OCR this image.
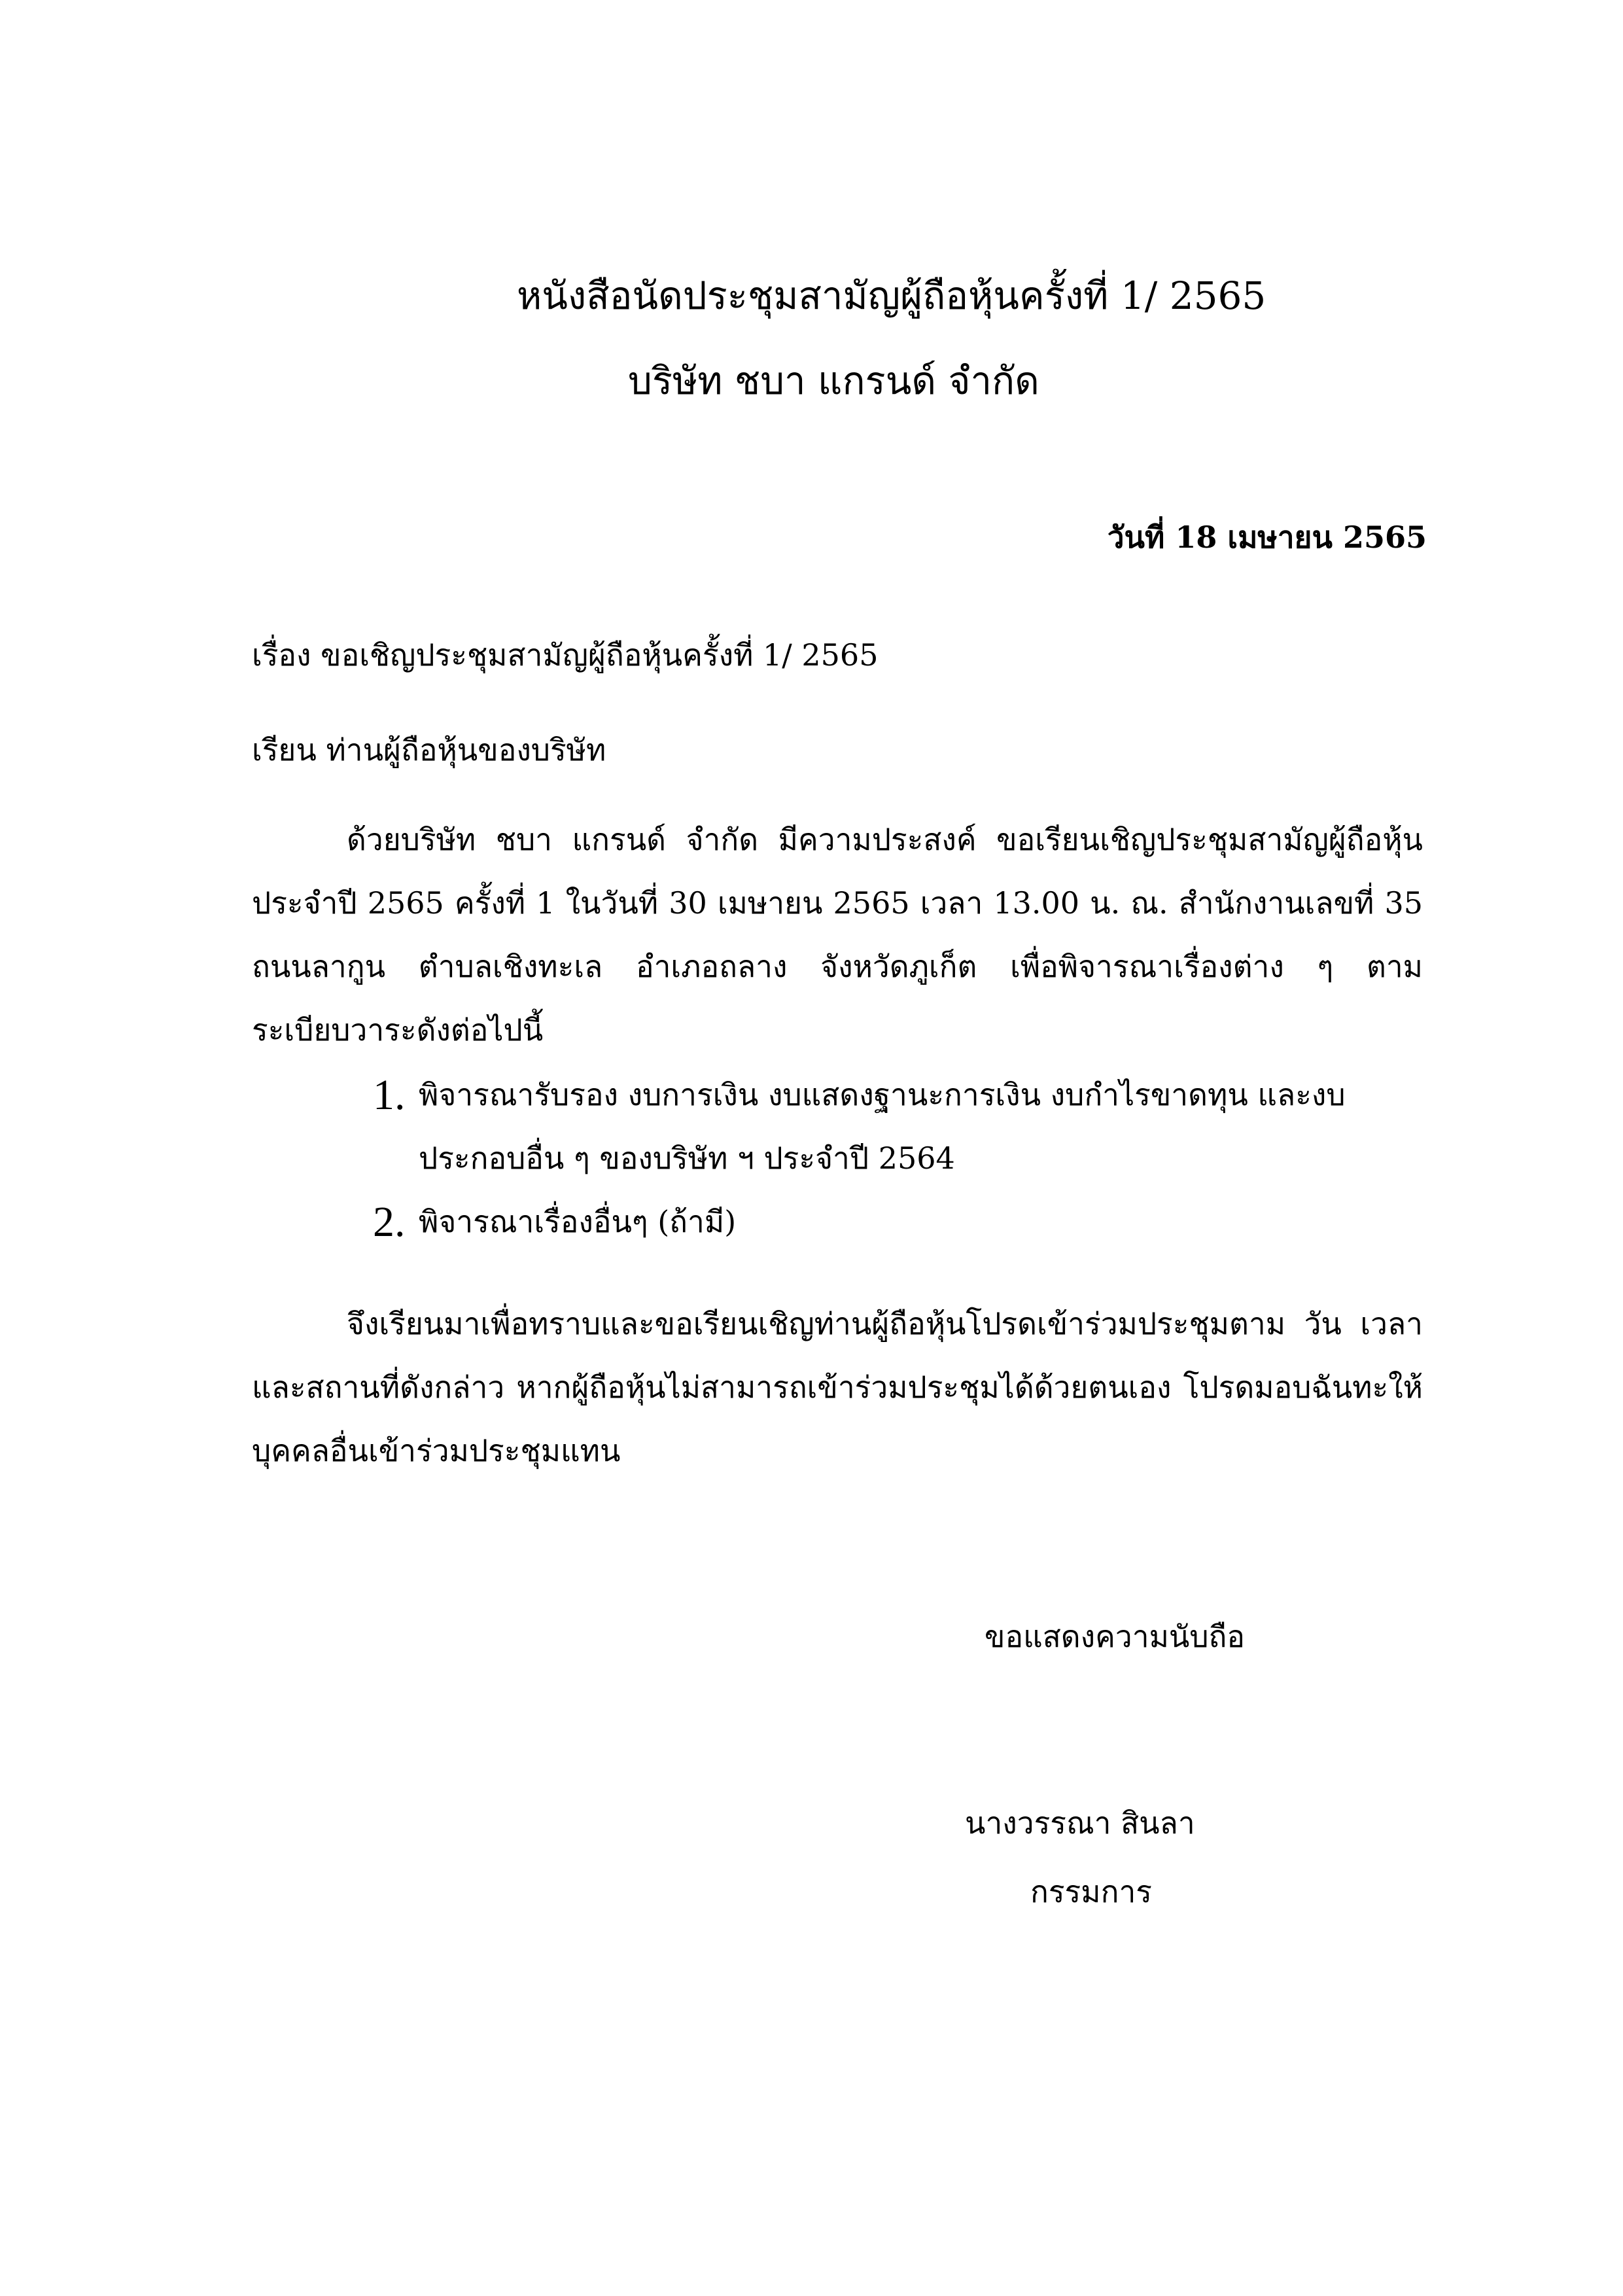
หนังสือนัดประชุมสามัญผู้ถือหุ้นครั้งที่ 1/ 2565
บริษัท ชบา แกรนด์ จำกัด
วันที่ 18 เมษายน 2565
เรื่อง ขอเชิญประชุมสามัญผู้ถือหุ้นครั้งที่ 1/ 2565
เรียน ท่านผู้ถือหุ้นของบริษัท
ด้วยบริษัท ชบา แกรนด์ จำกัด มีความประสงค์ ขอเรียนเชิญประชุมสามัญผู้ถือหุ้นประจำปี 2565 ครั้งที่ 1 ในวันที่ 30 เมษายน 2565 เวลา 13.00 น. ณ. สำนักงานเลขที่ 35 ถนนลากูน ตำบลเชิงทะเล อำเภอถลาง จังหวัดภูเก็ต เพื่อพิจารณาเรื่องต่าง ๆ ตามระเบียบวาระดังต่อไปนี้
1. พิจารณารับรอง งบการเงิน งบแสดงฐานะการเงิน งบกำไรขาดทุน และงบประกอบอื่น ๆ ของบริษัท ฯ ประจำปี 2564
2. พิจารณาเรื่องอื่นๆ (ถ้ามี)
จึงเรียนมาเพื่อทราบและขอเรียนเชิญท่านผู้ถือหุ้นโปรดเข้าร่วมประชุมตาม วัน เวลา และสถานที่ดังกล่าว หากผู้ถือหุ้นไม่สามารถเข้าร่วมประชุมได้ด้วยตนเอง โปรดมอบฉันทะให้บุคคลอื่นเข้าร่วมประชุมแทน
ขอแสดงความนับถือ
นางวรรณา สินลา
กรรมการ
